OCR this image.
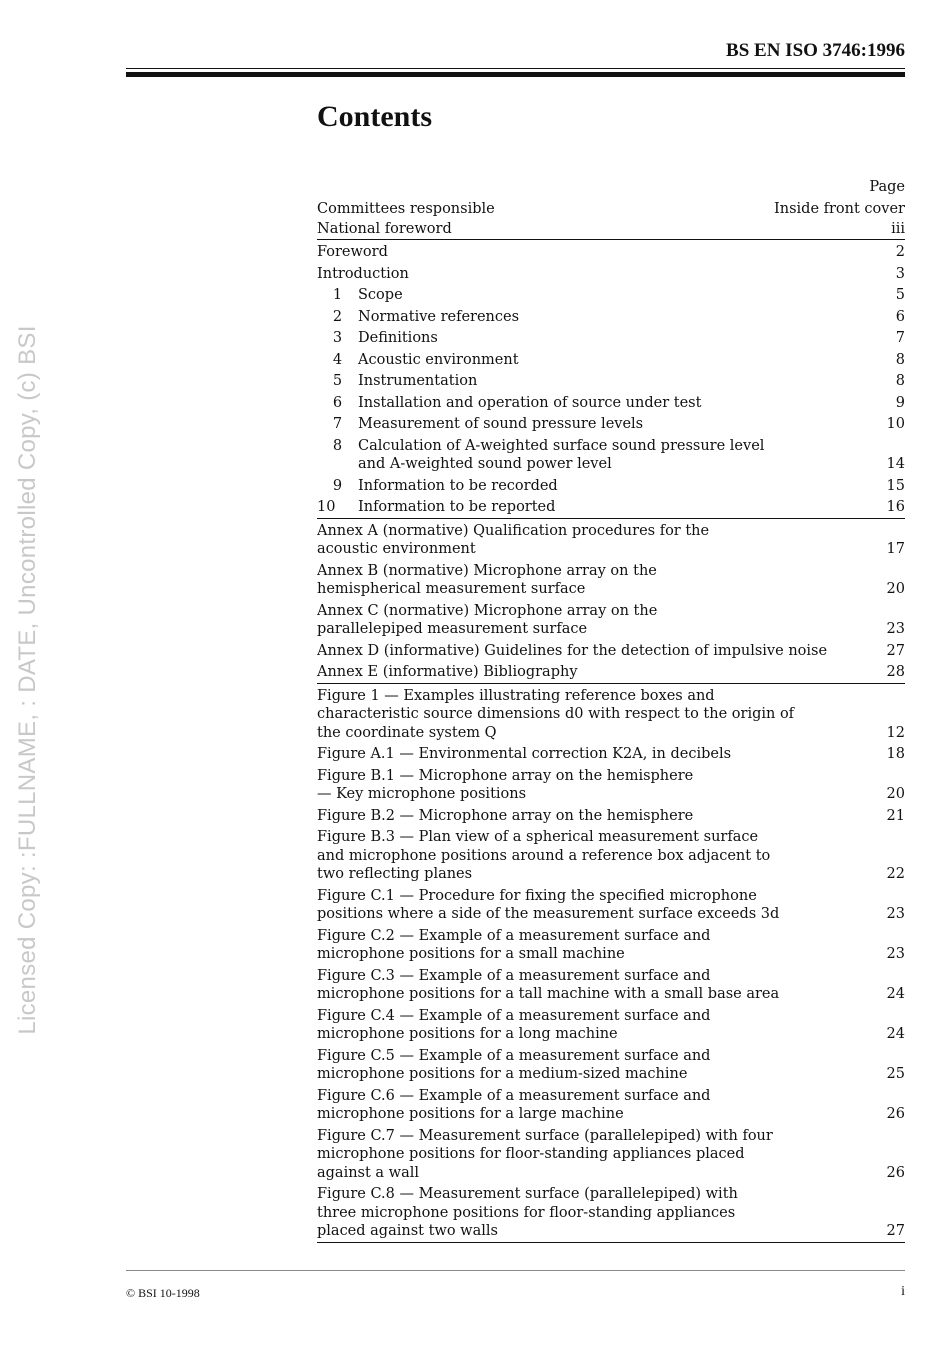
BS EN ISO 3746:1996
Contents
Page
Committees responsible	Inside front cover
National foreword	iii
Foreword	2
Introduction	3
1	Scope	5
2	Normative references	6
3	Definitions	7
4	Acoustic environment	8
5	Instrumentation	8
6	Installation and operation of source under test	9
7	Measurement of sound pressure levels	10
8	Calculation of A-weighted surface sound pressure level and A-weighted sound power level	14
9	Information to be recorded	15
10	Information to be reported	16
Annex A (normative) Qualification procedures for the acoustic environment	17
Annex B (normative) Microphone array on the hemispherical measurement surface	20
Annex C (normative) Microphone array on the parallelepiped measurement surface	23
Annex D (informative) Guidelines for the detection of impulsive noise	27
Annex E (informative) Bibliography	28
Figure 1 — Examples illustrating reference boxes and characteristic source dimensions d0 with respect to the origin of the coordinate system Q	12
Figure A.1 — Environmental correction K2A, in decibels	18
Figure B.1 — Microphone array on the hemisphere — Key microphone positions	20
Figure B.2 — Microphone array on the hemisphere	21
Figure B.3 — Plan view of a spherical measurement surface and microphone positions around a reference box adjacent to two reflecting planes	22
Figure C.1 — Procedure for fixing the specified microphone positions where a side of the measurement surface exceeds 3d	23
Figure C.2 — Example of a measurement surface and microphone positions for a small machine	23
Figure C.3 — Example of a measurement surface and microphone positions for a tall machine with a small base area	24
Figure C.4 — Example of a measurement surface and microphone positions for a long machine	24
Figure C.5 — Example of a measurement surface and microphone positions for a medium-sized machine	25
Figure C.6 — Example of a measurement surface and microphone positions for a large machine	26
Figure C.7 — Measurement surface (parallelepiped) with four microphone positions for floor-standing appliances placed against a wall	26
Figure C.8 — Measurement surface (parallelepiped) with three microphone positions for floor-standing appliances placed against two walls	27
Licensed Copy: :FULLNAME, : DATE, Uncontrolled Copy, (c) BSI
© BSI 10-1998	i
